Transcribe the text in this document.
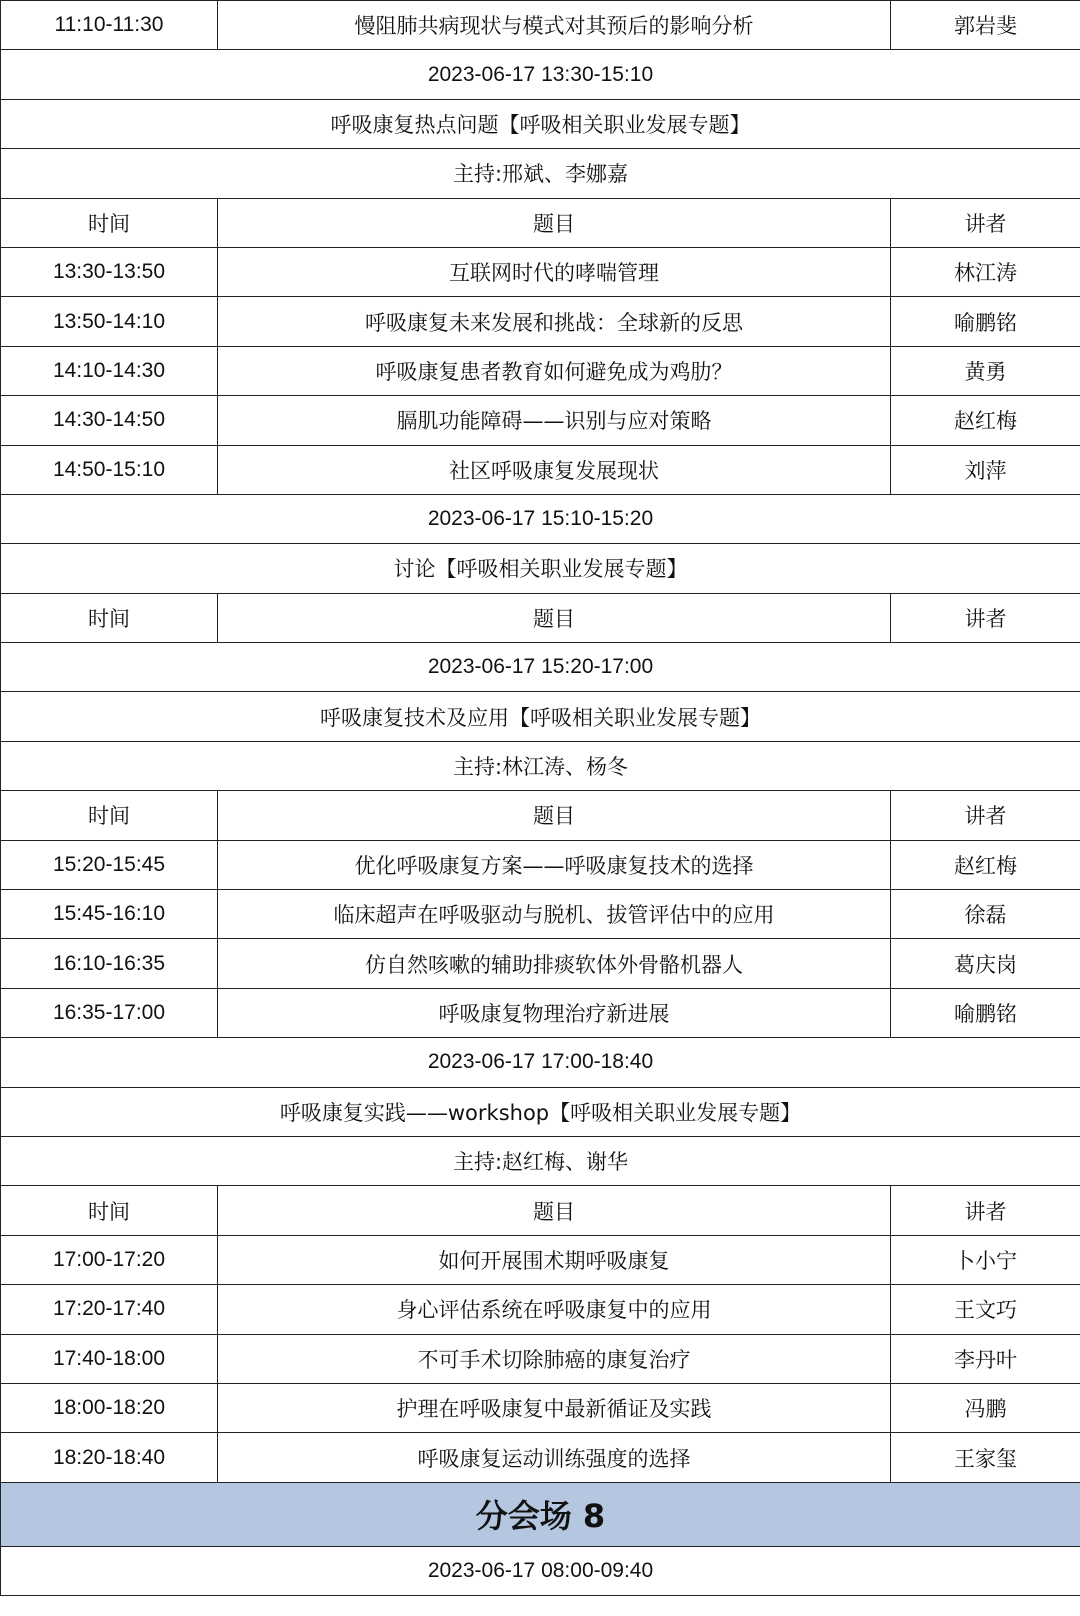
11:10-11:30	慢阻肺共病现状与模式对其预后的影响分析	郭岩斐
2023-06-17 13:30-15:10		
呼吸康复热点问题【呼吸相关职业发展专题】		
主持:邢斌、李娜嘉		
时间	题目	讲者
13:30-13:50	互联网时代的哮喘管理	林江涛
13:50-14:10	呼吸康复未来发展和挑战：全球新的反思	喻鹏铭
14:10-14:30	呼吸康复患者教育如何避免成为鸡肋？	黄勇
14:30-14:50	膈肌功能障碍——识别与应对策略	赵红梅
14:50-15:10	社区呼吸康复发展现状	刘萍
2023-06-17 15:10-15:20		
讨论【呼吸相关职业发展专题】		
时间	题目	讲者
2023-06-17 15:20-17:00		
呼吸康复技术及应用【呼吸相关职业发展专题】		
主持:林江涛、杨冬		
时间	题目	讲者
15:20-15:45	优化呼吸康复方案——呼吸康复技术的选择	赵红梅
15:45-16:10	临床超声在呼吸驱动与脱机、拔管评估中的应用	徐磊
16:10-16:35	仿自然咳嗽的辅助排痰软体外骨骼机器人	葛庆岗
16:35-17:00	呼吸康复物理治疗新进展	喻鹏铭
2023-06-17 17:00-18:40		
呼吸康复实践——workshop【呼吸相关职业发展专题】		
主持:赵红梅、谢华		
时间	题目	讲者
17:00-17:20	如何开展围术期呼吸康复	卜小宁
17:20-17:40	身心评估系统在呼吸康复中的应用	王文巧
17:40-18:00	不可手术切除肺癌的康复治疗	李丹叶
18:00-18:20	护理在呼吸康复中最新循证及实践	冯鹏
18:20-18:40	呼吸康复运动训练强度的选择	王家玺
分会场 8		
2023-06-17 08:00-09:40		
